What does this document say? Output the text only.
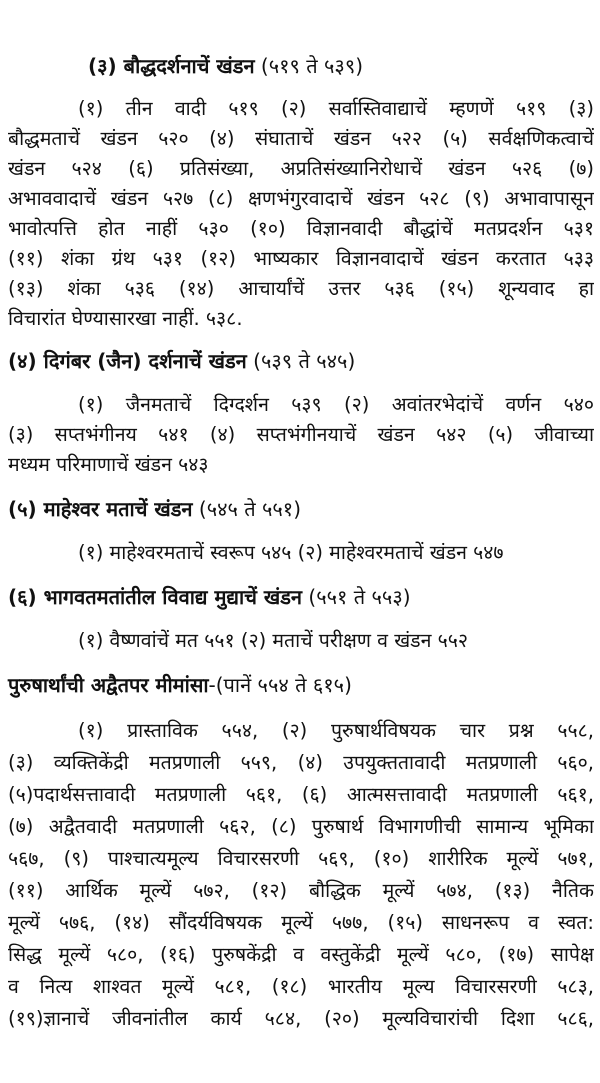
(३) बौद्धदर्शनाचें खंडन (५१९ ते ५३९)
(१) तीन वादी ५१९ (२) सर्वास्तिवाद्याचें म्हणणें ५१९ (३)
बौद्धमताचें खंडन ५२० (४) संघाताचें खंडन ५२२ (५) सर्वक्षणिकत्वाचें
खंडन ५२४ (६) प्रतिसंख्या, अप्रतिसंख्यानिरोधाचें खंडन ५२६ (७)
अभाववादाचें खंडन ५२७ (८) क्षणभंगुरवादाचें खंडन ५२८ (९) अभावापासून
भावोत्पत्ति होत नाहीं ५३० (१०) विज्ञानवादी बौद्धांचें मतप्रदर्शन ५३१
(११) शंका ग्रंथ ५३१ (१२) भाष्यकार विज्ञानवादाचें खंडन करतात ५३३
(१३) शंका ५३६ (१४) आचार्यांचें उत्तर ५३६ (१५) शून्यवाद हा
विचारांत घेण्यासारखा नाहीं. ५३८.
(४) दिगंबर (जैन) दर्शनाचें खंडन (५३९ ते ५४५)
(१) जैनमताचें दिग्दर्शन ५३९ (२) अवांतरभेदांचें वर्णन ५४०
(३) सप्तभंगीनय ५४१ (४) सप्तभंगीनयाचें खंडन ५४२ (५) जीवाच्या
मध्यम परिमाणाचें खंडन ५४३
(५) माहेश्वर मताचें खंडन (५४५ ते ५५१)
(१) माहेश्वरमताचें स्वरूप ५४५ (२) माहेश्वरमताचें खंडन ५४७
(६) भागवतमतांतील विवाद्य मुद्याचें खंडन (५५१ ते ५५३)
(१) वैष्णवांचें मत ५५१ (२) मताचें परीक्षण व खंडन ५५२
पुरुषार्थांची अद्वैतपर मीमांसा-(पानें ५५४ ते ६१५)
(१) प्रास्ताविक ५५४, (२) पुरुषार्थविषयक चार प्रश्न ५५८,
(३) व्यक्तिकेंद्री मतप्रणाली ५५९, (४) उपयुक्ततावादी मतप्रणाली ५६०,
(५)पदार्थसत्तावादी मतप्रणाली ५६१, (६) आत्मसत्तावादी मतप्रणाली ५६१,
(७) अद्वैतवादी मतप्रणाली ५६२, (८) पुरुषार्थ विभागणीची सामान्य भूमिका
५६७, (९) पाश्चात्यमूल्य विचारसरणी ५६९, (१०) शारीरिक मूल्यें ५७१,
(११) आर्थिक मूल्यें ५७२, (१२) बौद्धिक मूल्यें ५७४, (१३) नैतिक
मूल्यें ५७६, (१४) सौंदर्यविषयक मूल्यें ५७७, (१५) साधनरूप व स्वत:
सिद्ध मूल्यें ५८०, (१६) पुरुषकेंद्री व वस्तुकेंद्री मूल्यें ५८०, (१७) सापेक्ष
व नित्य शाश्वत मूल्यें ५८१, (१८) भारतीय मूल्य विचारसरणी ५८३,
(१९)ज्ञानाचें जीवनांतील कार्य ५८४, (२०) मूल्यविचारांची दिशा ५८६,
